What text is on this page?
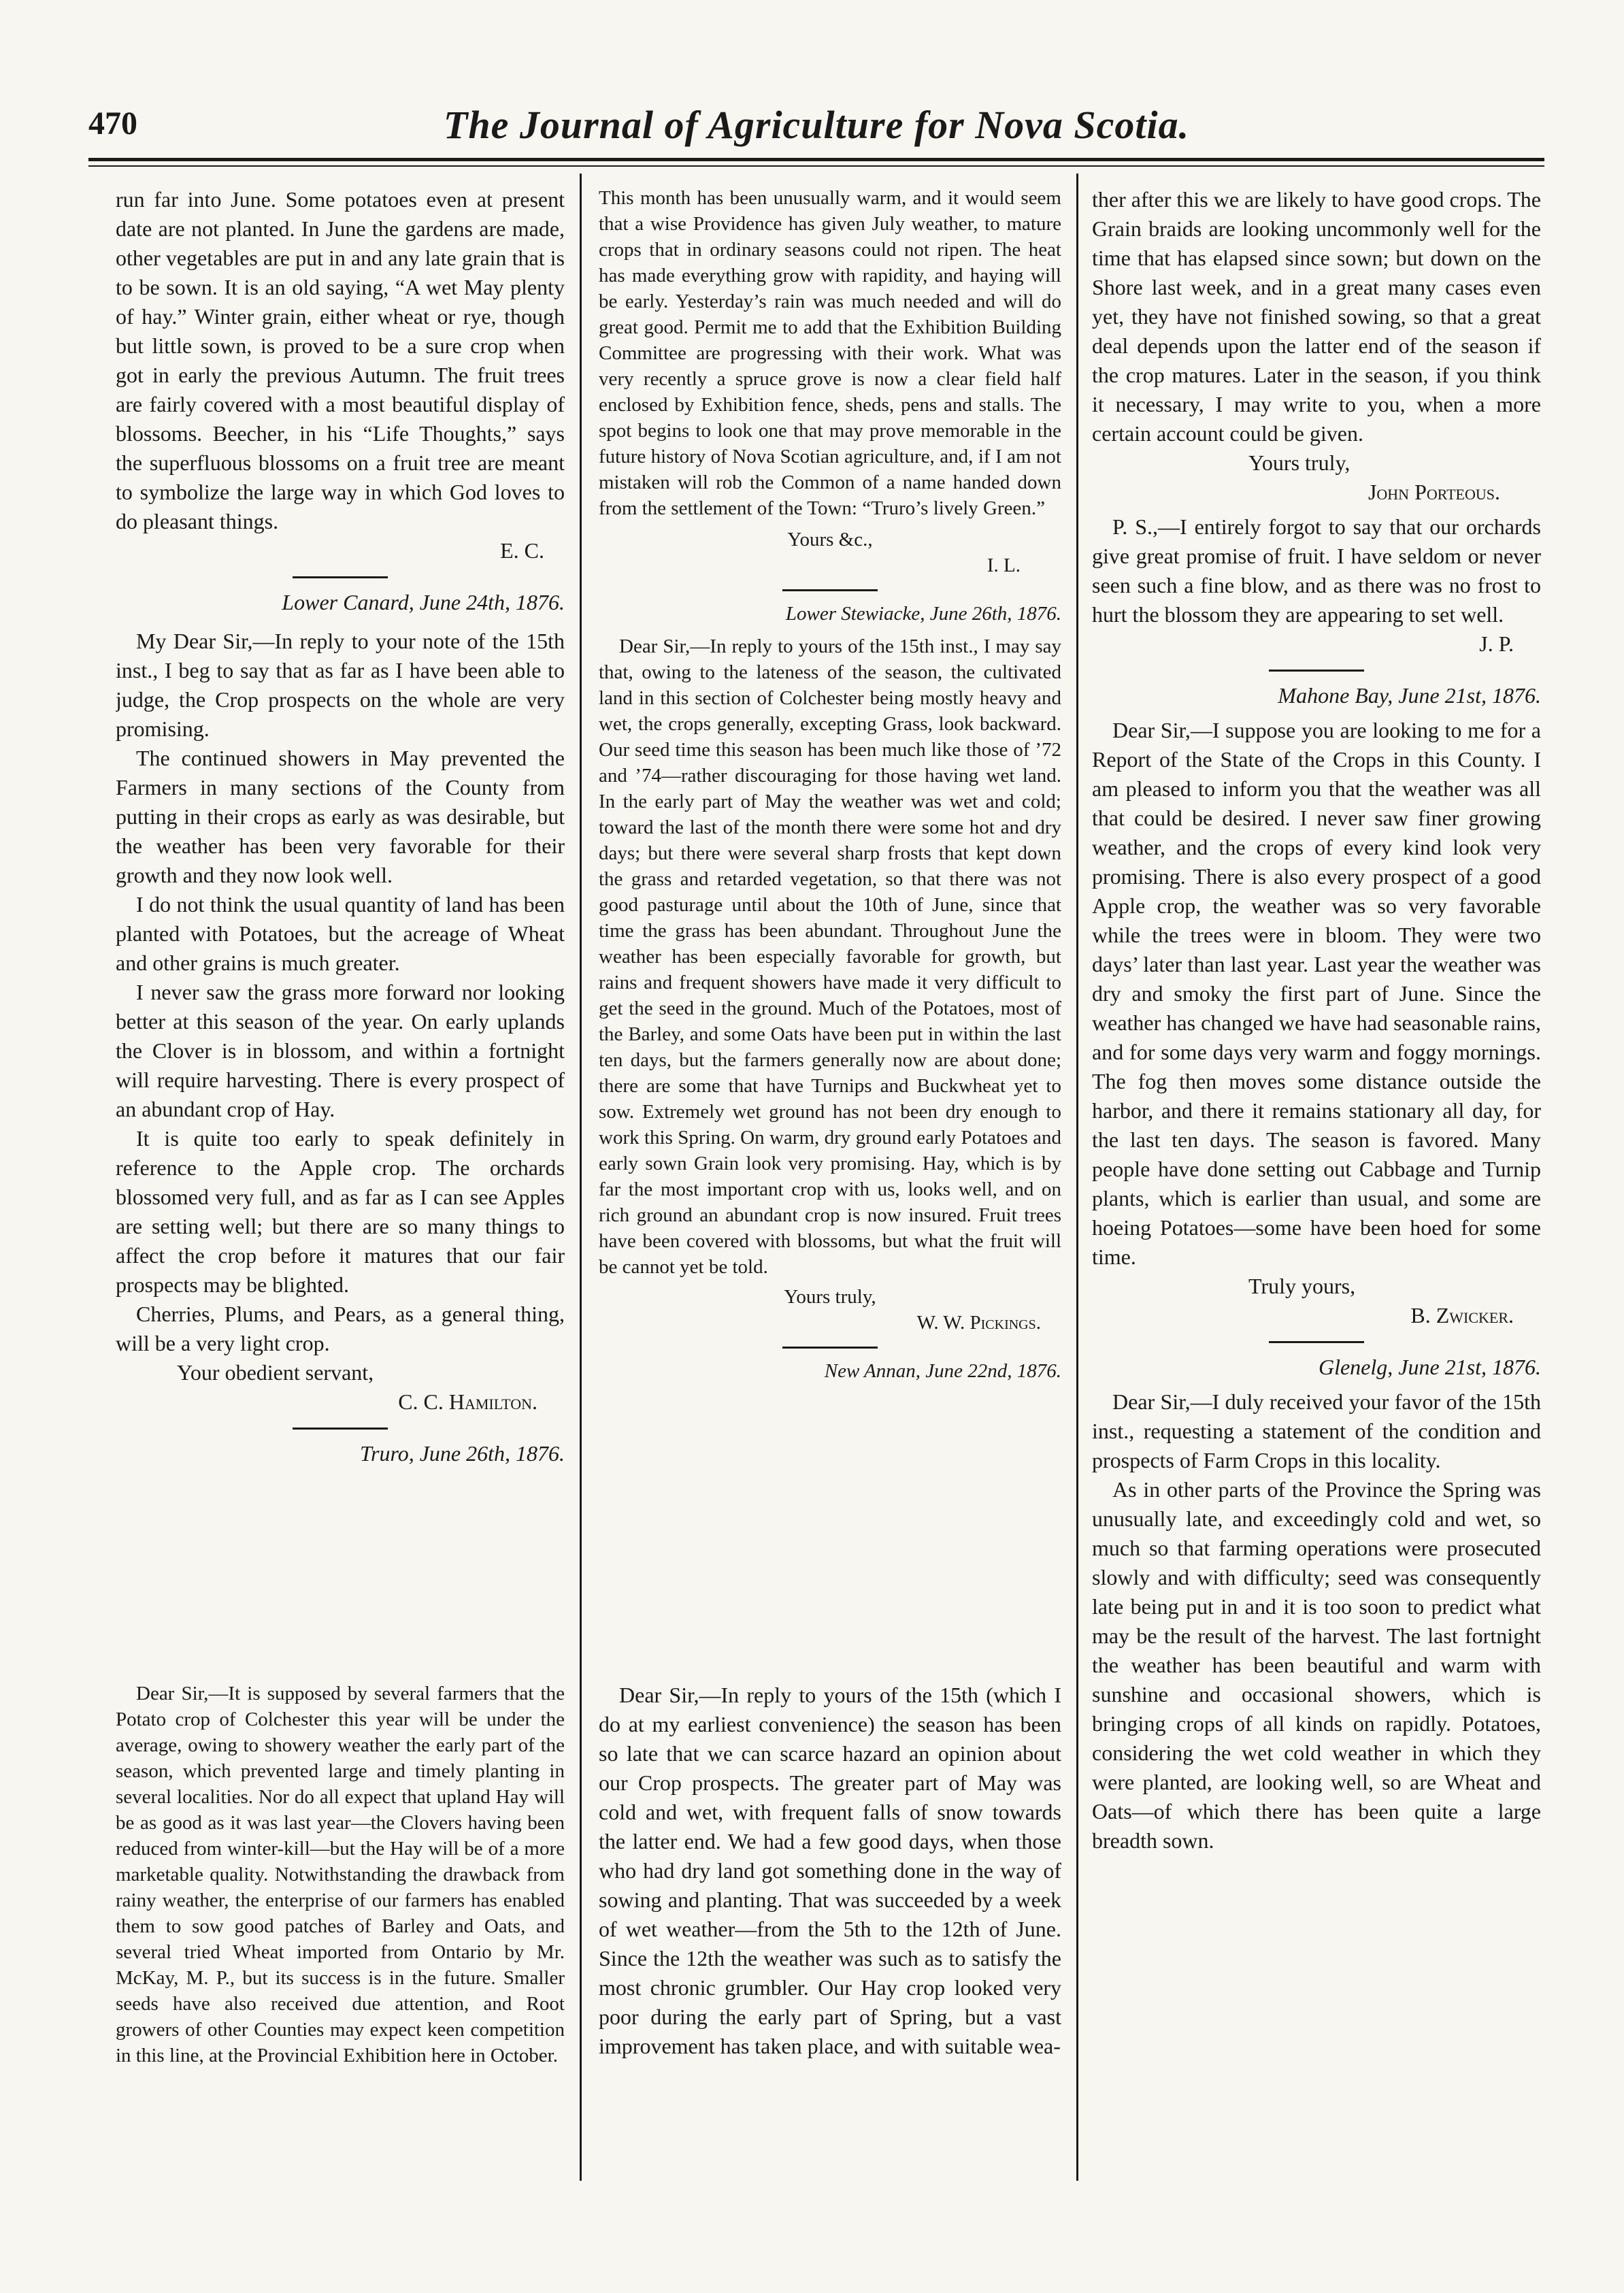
470	The Journal of Agriculture for Nova Scotia.

run far into June. Some potatoes even at present date are not planted. In June the gardens are made, other vegetables are put in and any late grain that is to be sown. It is an old saying, “A wet May plenty of hay.” Winter grain, either wheat or rye, though but little sown, is proved to be a sure crop when got in early the previous Autumn. The fruit trees are fairly covered with a most beautiful display of blossoms. Beecher, in his “Life Thoughts,” says the superfluous blossoms on a fruit tree are meant to symbolize the large way in which God loves to do pleasant things.

E. C.

Lower Canard, June 24th, 1876.

My Dear Sir,—In reply to your note of the 15th inst., I beg to say that as far as I have been able to judge, the Crop prospects on the whole are very promising.

The continued showers in May prevented the Farmers in many sections of the County from putting in their crops as early as was desirable, but the weather has been very favorable for their growth and they now look well.

I do not think the usual quantity of land has been planted with Potatoes, but the acreage of Wheat and other grains is much greater.

I never saw the grass more forward nor looking better at this season of the year. On early uplands the Clover is in blossom, and within a fortnight will require harvesting. There is every prospect of an abundant crop of Hay.

It is quite too early to speak definitely in reference to the Apple crop. The orchards blossomed very full, and as far as I can see Apples are setting well; but there are so many things to affect the crop before it matures that our fair prospects may be blighted.

Cherries, Plums, and Pears, as a general thing, will be a very light crop.

Your obedient servant,

C. C. Hamilton.

Truro, June 26th, 1876.

Dear Sir,—It is supposed by several farmers that the Potato crop of Colchester this year will be under the average, owing to showery weather the early part of the season, which prevented large and timely planting in several localities. Nor do all expect that upland Hay will be as good as it was last year—the Clovers having been reduced from winter-kill—but the Hay will be of a more marketable quality. Notwithstanding the drawback from rainy weather, the enterprise of our farmers has enabled them to sow good patches of Barley and Oats, and several tried Wheat imported from Ontario by Mr. McKay, M. P., but its success is in the future. Smaller seeds have also received due attention, and Root growers of other Counties may expect keen competition in this line, at the Provincial Exhibition here in October.

This month has been unusually warm, and it would seem that a wise Providence has given July weather, to mature crops that in ordinary seasons could not ripen. The heat has made everything grow with rapidity, and haying will be early. Yesterday’s rain was much needed and will do great good. Permit me to add that the Exhibition Building Committee are progressing with their work. What was very recently a spruce grove is now a clear field half enclosed by Exhibition fence, sheds, pens and stalls. The spot begins to look one that may prove memorable in the future history of Nova Scotian agriculture, and, if I am not mistaken will rob the Common of a name handed down from the settlement of the Town: “Truro’s lively Green.”

Yours &c.,

I. L.

Lower Stewiacke, June 26th, 1876.

Dear Sir,—In reply to yours of the 15th inst., I may say that, owing to the lateness of the season, the cultivated land in this section of Colchester being mostly heavy and wet, the crops generally, excepting Grass, look backward. Our seed time this season has been much like those of ’72 and ’74—rather discouraging for those having wet land. In the early part of May the weather was wet and cold; toward the last of the month there were some hot and dry days; but there were several sharp frosts that kept down the grass and retarded vegetation, so that there was not good pasturage until about the 10th of June, since that time the grass has been abundant. Throughout June the weather has been especially favorable for growth, but rains and frequent showers have made it very difficult to get the seed in the ground. Much of the Potatoes, most of the Barley, and some Oats have been put in within the last ten days, but the farmers generally now are about done; there are some that have Turnips and Buckwheat yet to sow. Extremely wet ground has not been dry enough to work this Spring. On warm, dry ground early Potatoes and early sown Grain look very promising. Hay, which is by far the most important crop with us, looks well, and on rich ground an abundant crop is now insured. Fruit trees have been covered with blossoms, but what the fruit will be cannot yet be told.

Yours truly,

W. W. Pickings.

New Annan, June 22nd, 1876.

Dear Sir,—In reply to yours of the 15th (which I do at my earliest convenience) the season has been so late that we can scarce hazard an opinion about our Crop prospects. The greater part of May was cold and wet, with frequent falls of snow towards the latter end. We had a few good days, when those who had dry land got something done in the way of sowing and planting. That was succeeded by a week of wet weather—from the 5th to the 12th of June. Since the 12th the weather was such as to satisfy the most chronic grumbler. Our Hay crop looked very poor during the early part of Spring, but a vast improvement has taken place, and with suitable wea-

ther after this we are likely to have good crops. The Grain braids are looking uncommonly well for the time that has elapsed since sown; but down on the Shore last week, and in a great many cases even yet, they have not finished sowing, so that a great deal depends upon the latter end of the season if the crop matures. Later in the season, if you think it necessary, I may write to you, when a more certain account could be given.

Yours truly,

John Porteous.

P. S.,—I entirely forgot to say that our orchards give great promise of fruit. I have seldom or never seen such a fine blow, and as there was no frost to hurt the blossom they are appearing to set well.

J. P.

Mahone Bay, June 21st, 1876.

Dear Sir,—I suppose you are looking to me for a Report of the State of the Crops in this County. I am pleased to inform you that the weather was all that could be desired. I never saw finer growing weather, and the crops of every kind look very promising. There is also every prospect of a good Apple crop, the weather was so very favorable while the trees were in bloom. They were two days’ later than last year. Last year the weather was dry and smoky the first part of June. Since the weather has changed we have had seasonable rains, and for some days very warm and foggy mornings. The fog then moves some distance outside the harbor, and there it remains stationary all day, for the last ten days. The season is favored. Many people have done setting out Cabbage and Turnip plants, which is earlier than usual, and some are hoeing Potatoes—some have been hoed for some time.

Truly yours,

B. Zwicker.

Glenelg, June 21st, 1876.

Dear Sir,—I duly received your favor of the 15th inst., requesting a statement of the condition and prospects of Farm Crops in this locality.

As in other parts of the Province the Spring was unusually late, and exceedingly cold and wet, so much so that farming operations were prosecuted slowly and with difficulty; seed was consequently late being put in and it is too soon to predict what may be the result of the harvest. The last fortnight the weather has been beautiful and warm with sunshine and occasional showers, which is bringing crops of all kinds on rapidly. Potatoes, considering the wet cold weather in which they were planted, are looking well, so are Wheat and Oats—of which there has been quite a large breadth sown.
